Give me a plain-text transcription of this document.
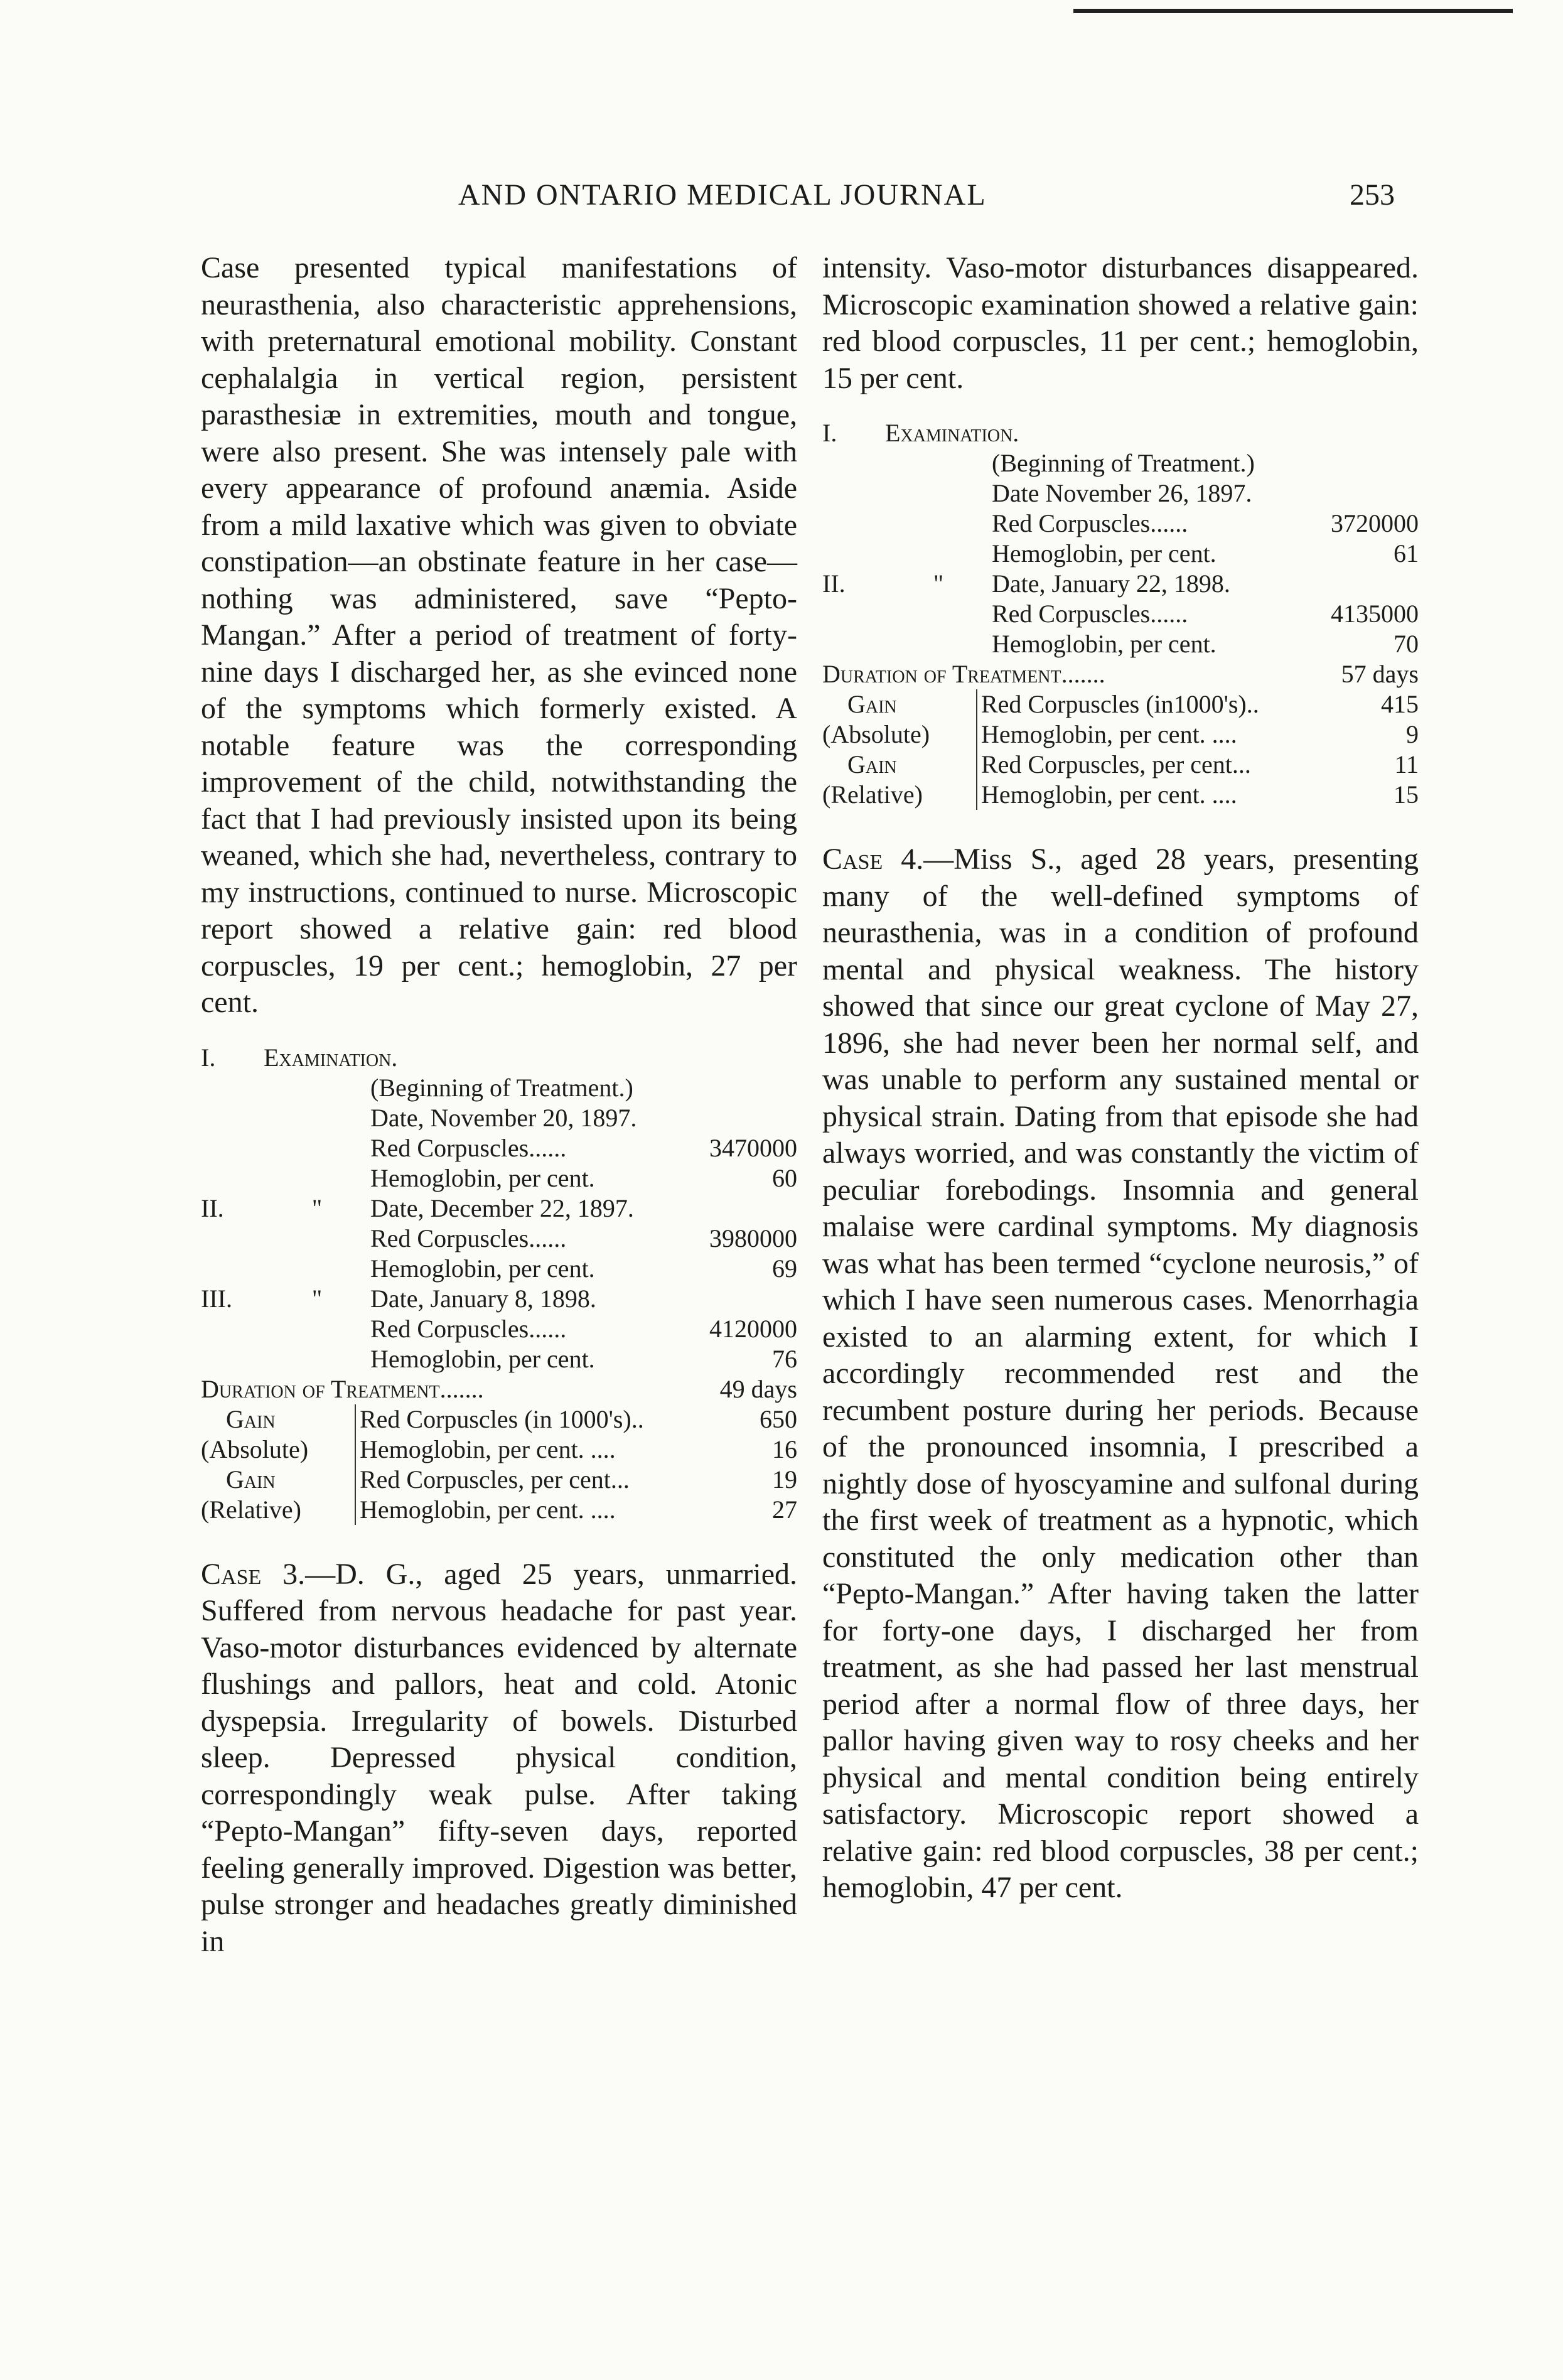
AND ONTARIO MEDICAL JOURNAL	253

Case presented typical manifestations of neurasthenia, also characteristic apprehensions, with preternatural emotional mobility. Constant cephalalgia in vertical region, persistent parasthesiæ in extremities, mouth and tongue, were also present. She was intensely pale with every appearance of profound anæmia. Aside from a mild laxative which was given to obviate constipation—an obstinate feature in her case—nothing was administered, save “Pepto-Mangan.” After a period of treatment of forty-nine days I discharged her, as she evinced none of the symptoms which formerly existed. A notable feature was the corresponding improvement of the child, notwithstanding the fact that I had previously insisted upon its being weaned, which she had, nevertheless, contrary to my instructions, continued to nurse. Microscopic report showed a relative gain: red blood corpuscles, 19 per cent.; hemoglobin, 27 per cent.

I.	Examination.
(Beginning of Treatment.)
Date, November 20, 1897.
Red Corpuscles......	3470000
Hemoglobin, per cent.	60
II.	"	Date, December 22, 1897.
Red Corpuscles......	3980000
Hemoglobin, per cent.	69
III.	"	Date, January 8, 1898.
Red Corpuscles......	4120000
Hemoglobin, per cent.	76
Duration of Treatment.......	49 days
Gain
(Absolute)
Red Corpuscles (in 1000's)..	650
Hemoglobin, per cent. ....	16
Gain
(Relative)
Red Corpuscles, per cent...	19
Hemoglobin, per cent. ....	27

Case 3.—D. G., aged 25 years, unmarried. Suffered from nervous headache for past year. Vaso-motor disturbances evidenced by alternate flushings and pallors, heat and cold. Atonic dyspepsia. Irregularity of bowels. Disturbed sleep. Depressed physical condition, correspondingly weak pulse. After taking “Pepto-Mangan” fifty-seven days, reported feeling generally improved. Digestion was better, pulse stronger and headaches greatly diminished in

intensity. Vaso-motor disturbances disappeared. Microscopic examination showed a relative gain: red blood corpuscles, 11 per cent.; hemoglobin, 15 per cent.

I.	Examination.
(Beginning of Treatment.)
Date November 26, 1897.
Red Corpuscles......	3720000
Hemoglobin, per cent.	61
II.	"	Date, January 22, 1898.
Red Corpuscles......	4135000
Hemoglobin, per cent.	70
Duration of Treatment.......	57 days
Gain
(Absolute)
Red Corpuscles (in1000's)..	415
Hemoglobin, per cent. ....	9
Gain
(Relative)
Red Corpuscles, per cent...	11
Hemoglobin, per cent. ....	15

Case 4.—Miss S., aged 28 years, presenting many of the well-defined symptoms of neurasthenia, was in a condition of profound mental and physical weakness. The history showed that since our great cyclone of May 27, 1896, she had never been her normal self, and was unable to perform any sustained mental or physical strain. Dating from that episode she had always worried, and was constantly the victim of peculiar forebodings. Insomnia and general malaise were cardinal symptoms. My diagnosis was what has been termed “cyclone neurosis,” of which I have seen numerous cases. Menorrhagia existed to an alarming extent, for which I accordingly recommended rest and the recumbent posture during her periods. Because of the pronounced insomnia, I prescribed a nightly dose of hyoscyamine and sulfonal during the first week of treatment as a hypnotic, which constituted the only medication other than “Pepto-Mangan.” After having taken the latter for forty-one days, I discharged her from treatment, as she had passed her last menstrual period after a normal flow of three days, her pallor having given way to rosy cheeks and her physical and mental condition being entirely satisfactory. Microscopic report showed a relative gain: red blood corpuscles, 38 per cent.; hemoglobin, 47 per cent.
